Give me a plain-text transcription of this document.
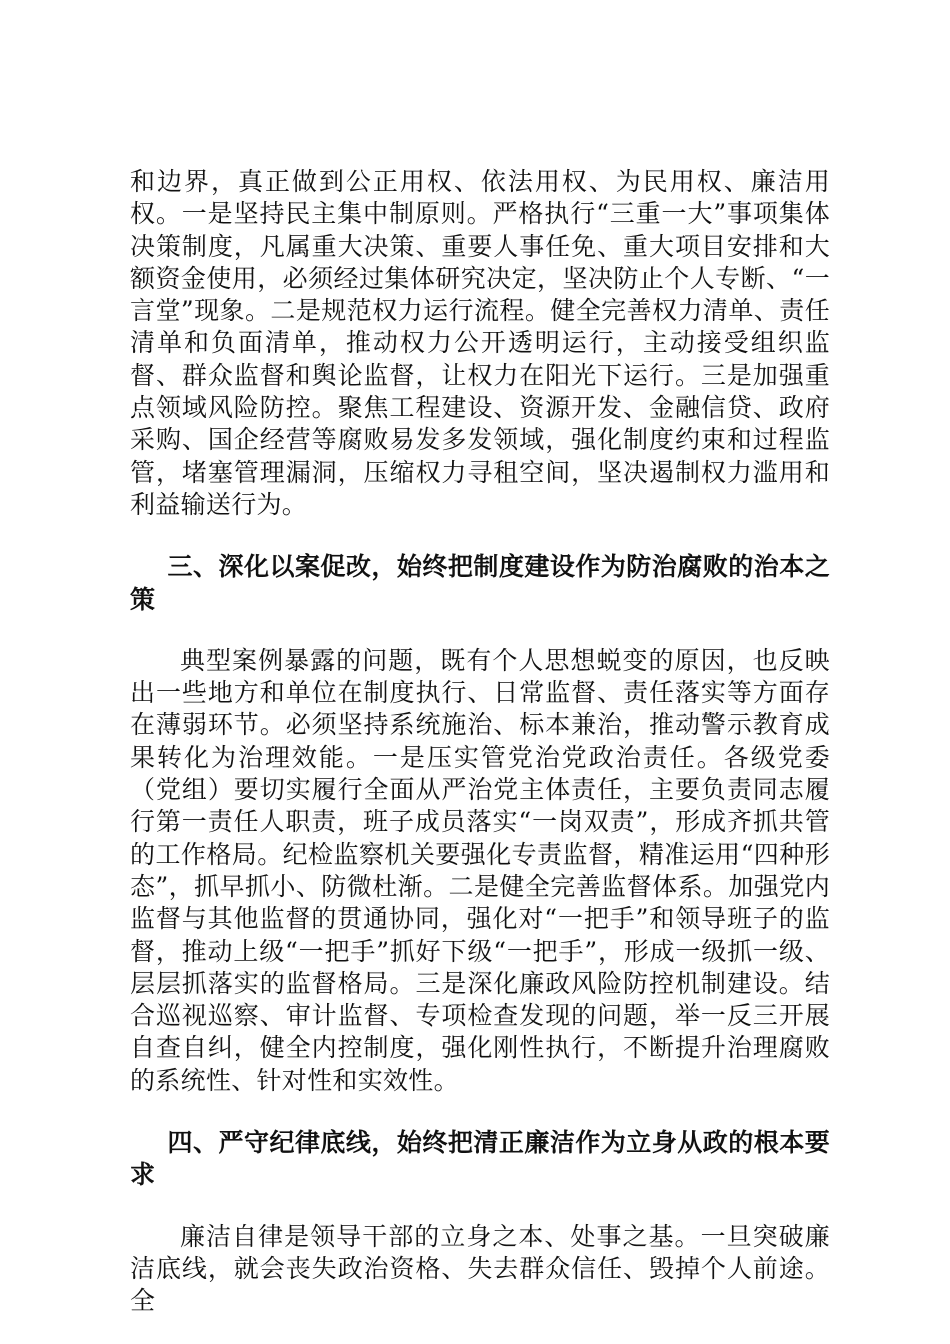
和边界，真正做到公正用权、依法用权、为民用权、廉洁用权。一是坚持民主集中制原则。严格执行“三重一大”事项集体决策制度，凡属重大决策、重要人事任免、重大项目安排和大额资金使用，必须经过集体研究决定，坚决防止个人专断、“一言堂”现象。二是规范权力运行流程。健全完善权力清单、责任清单和负面清单，推动权力公开透明运行，主动接受组织监督、群众监督和舆论监督，让权力在阳光下运行。三是加强重点领域风险防控。聚焦工程建设、资源开发、金融信贷、政府采购、国企经营等腐败易发多发领域，强化制度约束和过程监管，堵塞管理漏洞，压缩权力寻租空间，坚决遏制权力滥用和利益输送行为。

三、深化以案促改，始终把制度建设作为防治腐败的治本之策

典型案例暴露的问题，既有个人思想蜕变的原因，也反映出一些地方和单位在制度执行、日常监督、责任落实等方面存在薄弱环节。必须坚持系统施治、标本兼治，推动警示教育成果转化为治理效能。一是压实管党治党政治责任。各级党委（党组）要切实履行全面从严治党主体责任，主要负责同志履行第一责任人职责，班子成员落实“一岗双责”，形成齐抓共管的工作格局。纪检监察机关要强化专责监督，精准运用“四种形态”，抓早抓小、防微杜渐。二是健全完善监督体系。加强党内监督与其他监督的贯通协同，强化对“一把手”和领导班子的监督，推动上级“一把手”抓好下级“一把手”，形成一级抓一级、层层抓落实的监督格局。三是深化廉政风险防控机制建设。结合巡视巡察、审计监督、专项检查发现的问题，举一反三开展自查自纠，健全内控制度，强化刚性执行，不断提升治理腐败的系统性、针对性和实效性。

四、严守纪律底线，始终把清正廉洁作为立身从政的根本要求

廉洁自律是领导干部的立身之本、处事之基。一旦突破廉洁底线，就会丧失政治资格、失去群众信任、毁掉个人前途。全
